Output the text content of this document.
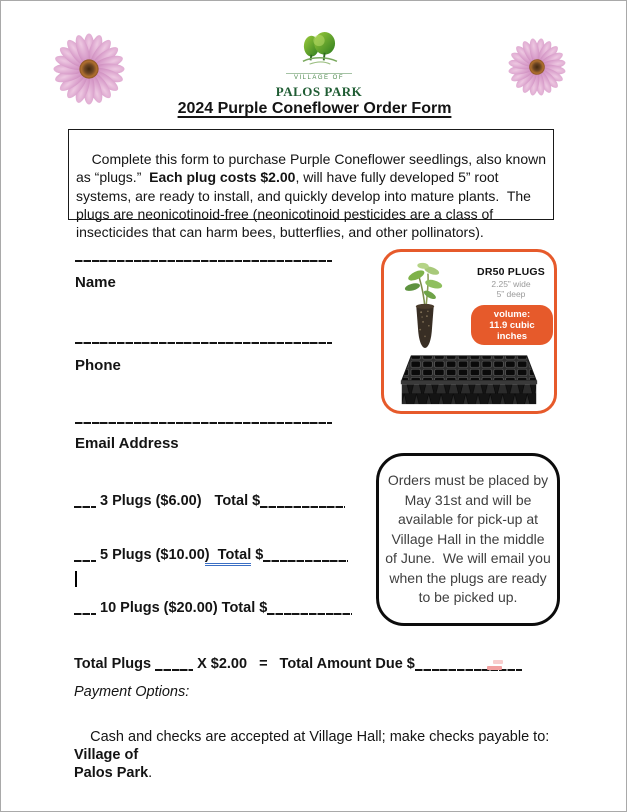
VILLAGE OF
PALOS PARK
2024 Purple Coneflower Order Form

Complete this form to purchase Purple Coneflower seedlings, also known as “plugs.”  Each plug costs $2.00, will have fully developed 5” root systems, are ready to install, and quickly develop into mature plants.  The plugs are neonicotinoid-free (neonicotinoid pesticides are a class of insecticides that can harm bees, butterflies, and other pollinators).

Name
Phone
Email Address
DR50 PLUGS
2.25” wide
5” deep
volume:
11.9 cubic
inches
3 Plugs ($6.00) Total $
5 Plugs ($10.00)  Total $
10 Plugs ($20.00) Total $
Orders must be placed by May 31st and will be available for pick-up at Village Hall in the middle of June.  We will email you when the plugs are ready to be picked up.
Total Plugs	X $2.00 = Total Amount Due $
Payment Options:

Cash and checks are accepted at Village Hall; make checks payable to: Village of
Palos Park.
